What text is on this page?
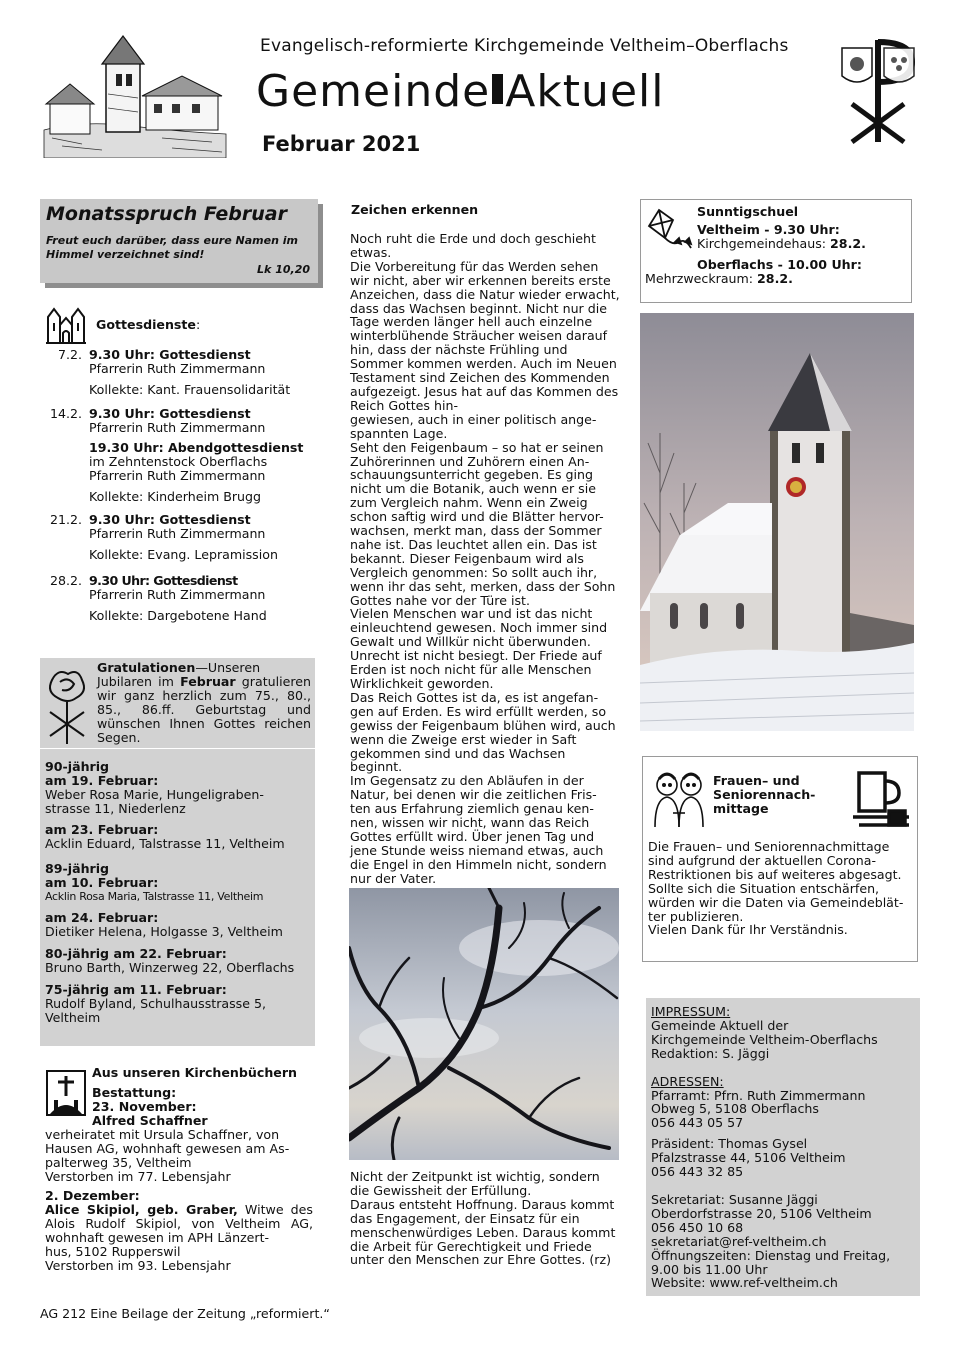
Evangelisch-reformierte Kirchgemeinde Veltheim–Oberflachs
Gemeinde Aktuell
Februar 2021
Monatsspruch Februar
Freut euch darüber, dass eure Namen im Himmel verzeichnet sind!
Lk 10,20
Gottesdienste:
7.2. 9.30 Uhr: Gottesdienst
Pfarrerin Ruth Zimmermann
Kollekte: Kant. Frauensolidarität
14.2. 9.30 Uhr: Gottesdienst
Pfarrerin Ruth Zimmermann
19.30 Uhr: Abendgottesdienst
im Zehntenstock Oberflachs
Pfarrerin Ruth Zimmermann
Kollekte: Kinderheim Brugg
21.2. 9.30 Uhr: Gottesdienst
Pfarrerin Ruth Zimmermann
Kollekte: Evang. Lepramission
28.2. 9.30 Uhr: Gottesdienst
Pfarrerin Ruth Zimmermann
Kollekte: Dargebotene Hand
Gratulationen—Unseren Jubilaren im Februar gratulieren wir ganz herzlich zum 75., 80., 85., 86.ff. Geburtstag und wünschen Ihnen Gottes reichen Segen.
90-jährig
am 19. Februar:
Weber Rosa Marie, Hungeligraben-
strasse 11, Niederlenz
am 23. Februar:
Acklin Eduard, Talstrasse 11, Veltheim
89-jährig
am 10. Februar:
Acklin Rosa Maria, Talstrasse 11, Veltheim
am 24. Februar:
Dietiker Helena, Holgasse 3, Veltheim
80-jährig am 22. Februar:
Bruno Barth, Winzerweg 22, Oberflachs
75-jährig am 11. Februar:
Rudolf Byland, Schulhausstrasse 5,
Veltheim
Aus unseren Kirchenbüchern
Bestattung:
23. November:
Alfred Schaffner
verheiratet mit Ursula Schaffner, von Hausen AG, wohnhaft gewesen am As-
palterweg 35, Veltheim
Verstorben im 77. Lebensjahr
2. Dezember:
Alice Skipiol, geb. Graber, Witwe des Alois Rudolf Skipiol, von Veltheim AG, wohnhaft gewesen im APH Länzert-
hus, 5102 Rupperswil
Verstorben im 93. Lebensjahr
Zeichen erkennen
Noch ruht die Erde und doch geschieht etwas.
Die Vorbereitung für das Werden sehen wir nicht, aber wir erkennen bereits erste Anzeichen, dass die Natur wieder erwacht, dass das Wachsen beginnt. Nicht nur die Tage werden länger hell auch einzelne winterblühende Sträucher weisen darauf hin, dass der nächste Frühling und Sommer kommen werden. Auch im Neuen Testament sind Zeichen des Kommenden aufgezeigt. Jesus hat auf das Kommen des Reich Gottes hin-
gewiesen, auch in einer politisch ange-
spannten Lage.
Seht den Feigenbaum – so hat er seinen Zuhörerinnen und Zuhörern einen An-
schauungsunterricht gegeben. Es ging nicht um die Botanik, auch wenn er sie zum Vergleich nahm. Wenn ein Zweig schon saftig wird und die Blätter hervor-
wachsen, merkt man, dass der Sommer nahe ist. Das leuchtet allen ein. Das ist bekannt. Dieser Feigenbaum wird als Vergleich genommen: So sollt auch ihr, wenn ihr das seht, merken, dass der Sohn Gottes nahe vor der Türe ist.
Vielen Menschen war und ist das nicht einleuchtend gewesen. Noch immer sind Gewalt und Willkür nicht überwunden. Unrecht ist nicht besiegt. Der Friede auf Erden ist noch nicht für alle Menschen Wirklichkeit geworden.
Das Reich Gottes ist da, es ist angefan-
gen auf Erden. Es wird erfüllt werden, so gewiss der Feigenbaum blühen wird, auch wenn die Zweige erst wieder in Saft gekommen sind und das Wachsen beginnt.
Im Gegensatz zu den Abläufen in der Natur, bei denen wir die zeitlichen Fris-
ten aus Erfahrung ziemlich genau ken-
nen, wissen wir nicht, wann das Reich Gottes erfüllt wird. Über jenen Tag und jene Stunde weiss niemand etwas, auch die Engel in den Himmeln nicht, sondern nur der Vater.
Nicht der Zeitpunkt ist wichtig, sondern die Gewissheit der Erfüllung.
Daraus entsteht Hoffnung. Daraus kommt das Engagement, der Einsatz für ein menschenwürdiges Leben. Daraus kommt die Arbeit für Gerechtigkeit und Friede unter den Menschen zur Ehre Gottes. (rz)
Sunntigschuel
Veltheim - 9.30 Uhr:
Kirchgemeindehaus: 28.2.
Oberflachs - 10.00 Uhr:
Mehrzweckraum: 28.2.
Frauen– und
Seniorennach-
mittage
Die Frauen– und Seniorennachmittage sind aufgrund der aktuellen Corona-
Restriktionen bis auf weiteres abgesagt. Sollte sich die Situation entschärfen, würden wir die Daten via Gemeindeblät-
ter publizieren.
Vielen Dank für Ihr Verständnis.
IMPRESSUM:
Gemeinde Aktuell der
Kirchgemeinde Veltheim-Oberflachs
Redaktion: S. Jäggi
ADRESSEN:
Pfarramt: Pfrn. Ruth Zimmermann
Obweg 5, 5108 Oberflachs
056 443 05 57
Präsident: Thomas Gysel
Pfalzstrasse 44, 5106 Veltheim
056 443 32 85
Sekretariat: Susanne Jäggi
Oberdorfstrasse 20, 5106 Veltheim
056 450 10 68
sekretariat@ref-veltheim.ch
Öffnungszeiten: Dienstag und Freitag,
9.00 bis 11.00 Uhr
Website: www.ref-veltheim.ch
AG 212 Eine Beilage der Zeitung „reformiert.“
